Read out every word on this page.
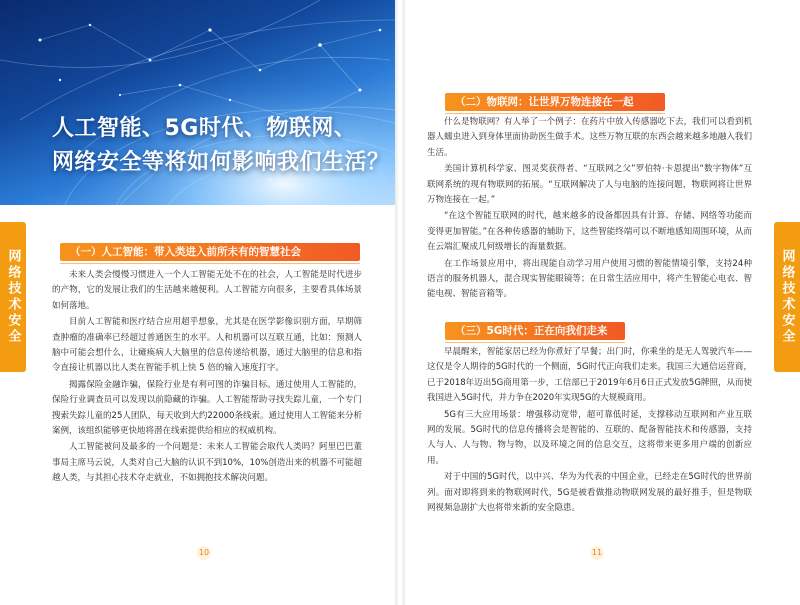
人工智能、5G时代、物联网、
网络安全等将如何影响我们生活？
网络技术安全	（一）人工智能：带入类进入前所未有的智慧社会

未来人类会慢慢习惯进入一个人工智能无处不在的社会，人工智能是时代进步的产物，它的发展让我们的生活越来越便利。人工智能方向很多，主要看具体场景如何落地。

目前人工智能和医疗结合应用超乎想象，尤其是在医学影像识别方面，早期筛查肿瘤的准确率已经超过普通医生的水平。人和机器可以互联互通，比如：预测人脑中可能会想什么，让瘫痪病人大脑里的信息传递给机器，通过大脑里的信息和指令直接让机器以比人类在智能手机上快 5 倍的输入速度打字。

揭露保险金融诈骗，保险行业是有利可图的诈骗目标。通过使用人工智能的，保险行业调查员可以发现以前隐藏的诈骗。人工智能帮助寻找失踪儿童，一个专门搜索失踪儿童的25人团队，每天收到大约22000条线索。通过使用人工智能来分析案例，该组织能够更快地将潜在线索提供给相应的权威机构。

人工智能被问及最多的一个问题是：未来人工智能会取代人类吗？阿里巴巴董事局主席马云说，人类对自己大脑的认识不到10%，10%创造出来的机器不可能超越人类，与其担心技术夺走就业，不如拥抱技术解决问题。

10
网络技术安全
（二）物联网：让世界万物连接在一起

什么是物联网？有人举了一个例子：在药片中放入传感器吃下去，我们可以看到机器人蠕虫进入到身体里面协助医生做手术。这些万物互联的东西会越来越多地融入我们生活。

美国计算机科学家、图灵奖获得者、“互联网之父”罗伯特·卡恩提出“数字物体”互联网系统的现有物联网的拓展。“互联网解决了人与电脑的连接问题，物联网将让世界万物连接在一起。”

“在这个智能互联网的时代，越来越多的设备都因具有计算、存储、网络等功能而变得更加智能。”在各种传感器的辅助下，这些智能终端可以不断地感知周围环境，从而在云端汇聚成几何级增长的海量数据。

在工作场景应用中，将出现能自动学习用户使用习惯的智能情境引擎，支持24种语言的服务机器人，混合现实智能眼镜等；在日常生活应用中，将产生智能心电衣、智能电视、智能音箱等。

（三）5G时代：正在向我们走来

早晨醒来，智能家居已经为你煮好了早餐；出门时，你乘坐的是无人驾驶汽车——这仅是令人期待的5G时代的一个侧面，5G时代正向我们走来。我国三大通信运营商，已于2018年迈出5G商用第一步，工信部已于2019年6月6日正式发放5G牌照，从而使我国进入5G时代，并力争在2020年实现5G的大规模商用。

5G有三大应用场景：增强移动宽带，超可靠低时延，支撑移动互联网和产业互联网的发展。5G时代的信息传播将会是智能的、互联的、配备智能技术和传感器，支持人与人、人与物、物与物，以及环境之间的信息交互，这将带来更多用户端的创新应用。

对于中国的5G时代，以中兴、华为为代表的中国企业，已经走在5G时代的世界前列。面对即将到来的物联网时代，5G是被看做推动物联网发展的最好推手，但是物联网视频急剧扩大也将带来新的安全隐患。

11
